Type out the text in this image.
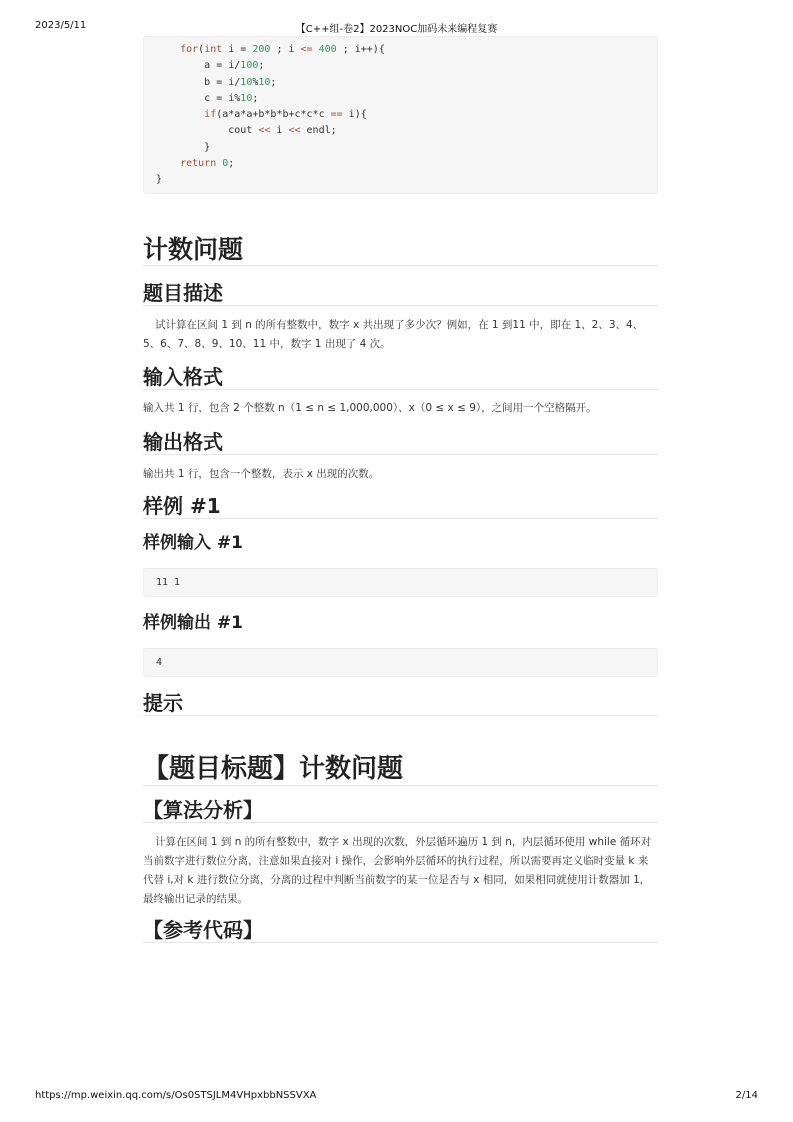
2023/5/11	【C++组-卷2】2023NOC加码未来编程复赛
for(int i = 200 ; i <= 400 ; i++){
a = i/100;
b = i/10%10;
c = i%10;
if(a*a*a+b*b*b+c*c*c == i){
cout << i << endl;
}
return 0;
}
计数问题
题目描述

试计算在区间 1 到 n 的所有整数中，数字 x 共出现了多少次？例如，在 1 到11 中，即在 1、2、3、4、5、6、7、8、9、10、11 中，数字 1 出现了 4 次。

输入格式

输入共 1 行，包含 2 个整数 n（1 ≤ n ≤ 1,000,000）、x（0 ≤ x ≤ 9），之间用一个空格隔开。

输出格式

输出共 1 行，包含一个整数，表示 x 出现的次数。

样例 #1
样例输入 #1
11 1
样例输出 #1
4
提示
【题目标题】计数问题
【算法分析】

计算在区间 1 到 n 的所有整数中，数字 x 出现的次数，外层循环遍历 1 到 n，内层循环使用 while 循环对当前数字进行数位分离，注意如果直接对 i 操作，会影响外层循环的执行过程，所以需要再定义临时变量 k 来代替 i,对 k 进行数位分离，分离的过程中判断当前数字的某一位是否与 x 相同，如果相同就使用计数器加 1，最终输出记录的结果。

【参考代码】
https://mp.weixin.qq.com/s/Os0STSJLM4VHpxbbNSSVXA	2/14
